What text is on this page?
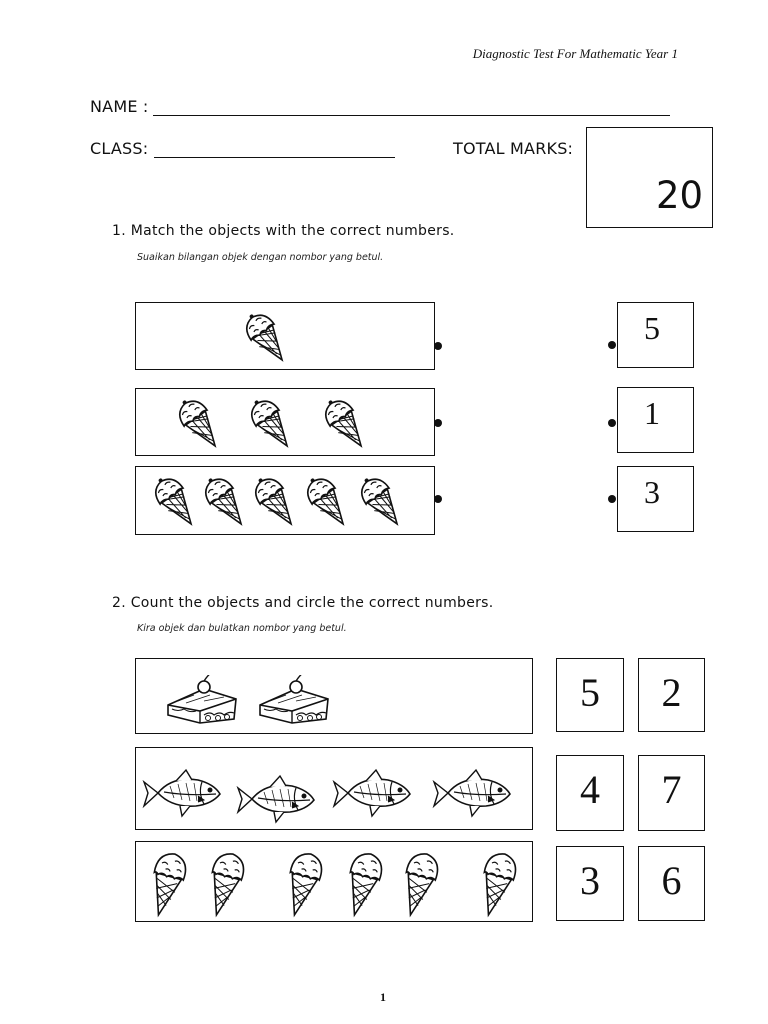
Diagnostic Test For Mathematic Year 1
NAME :
CLASS:	TOTAL MARKS:
20
1. Match the objects with the correct numbers.
Suaikan bilangan objek dengan nombor yang betul.
5
1
3
2. Count the objects and circle the correct numbers.
Kira objek dan bulatkan nombor yang betul.
5	2
4	7
3	6
1
